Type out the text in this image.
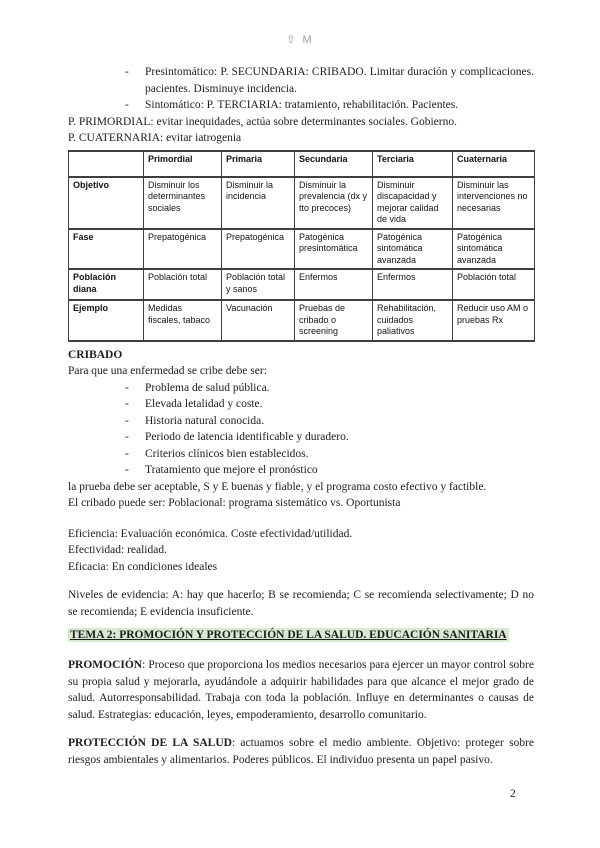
⇧ M
- Presintomático: P. SECUNDARIA: CRIBADO. Limitar duración y complicaciones. pacientes. Disminuye incidencia.
- Sintomático: P. TERCIARIA: tratamiento, rehabilitación. Pacientes.

P. PRIMORDIAL: evitar inequidades, actúa sobre determinantes sociales. Gobierno.

P. CUATERNARIA: evitar iatrogenia

	Primordial	Primaria	Secundaria	Terciaria	Cuaternaria
Objetivo	Disminuir los determinantes sociales	Disminuir la incidencia	Disminuir la prevalencia (dx y tto precoces)	Disminuir discapacidad y mejorar calidad de vida	Disminuir las intervenciones no necesarias
Fase	Prepatogénica	Prepatogénica	Patogénica presintomática	Patogénica sintomática avanzada	Patogénica sintomática avanzada
Población diana	Población total	Población total y sanos	Enfermos	Enfermos	Población total
Ejemplo	Medidas fiscales, tabaco	Vacunación	Pruebas de cribado o screening	Rehabilitación, cuidados paliativos	Reducir uso AM o pruebas Rx

CRIBADO

Para que una enfermedad se cribe debe ser:

- Problema de salud pública.
- Elevada letalidad y coste.
- Historia natural conocida.
- Periodo de latencia identificable y duradero.
- Criterios clínicos bien establecidos.
- Tratamiento que mejore el pronóstico

la prueba debe ser aceptable, S y E buenas y fiable, y el programa costo efectivo y factible.

El cribado puede ser: Poblacional: programa sistemático vs. Oportunista

Eficiencia: Evaluación económica. Coste efectividad/utilidad.

Efectividad: realidad.

Eficacia: En condiciones ideales

Niveles de evidencia: A: hay que hacerlo; B se recomienda; C se recomienda selectivamente; D no se recomienda; E evidencia insuficiente.

TEMA 2: PROMOCIÓN Y PROTECCIÓN DE LA SALUD. EDUCACIÓN SANITARIA

PROMOCIÓN: Proceso que proporciona los medios necesarios para ejercer un mayor control sobre su propia salud y mejorarla, ayudándole a adquirir habilidades para que alcance el mejor grado de salud. Autorresponsabilidad. Trabaja con toda la población. Influye en determinantes o causas de salud. Estrategias: educación, leyes, empoderamiento, desarrollo comunitario.

PROTECCIÓN DE LA SALUD: actuamos sobre el medio ambiente. Objetivo: proteger sobre riesgos ambientales y alimentarios. Poderes públicos. El individuo presenta un papel pasivo.

2
